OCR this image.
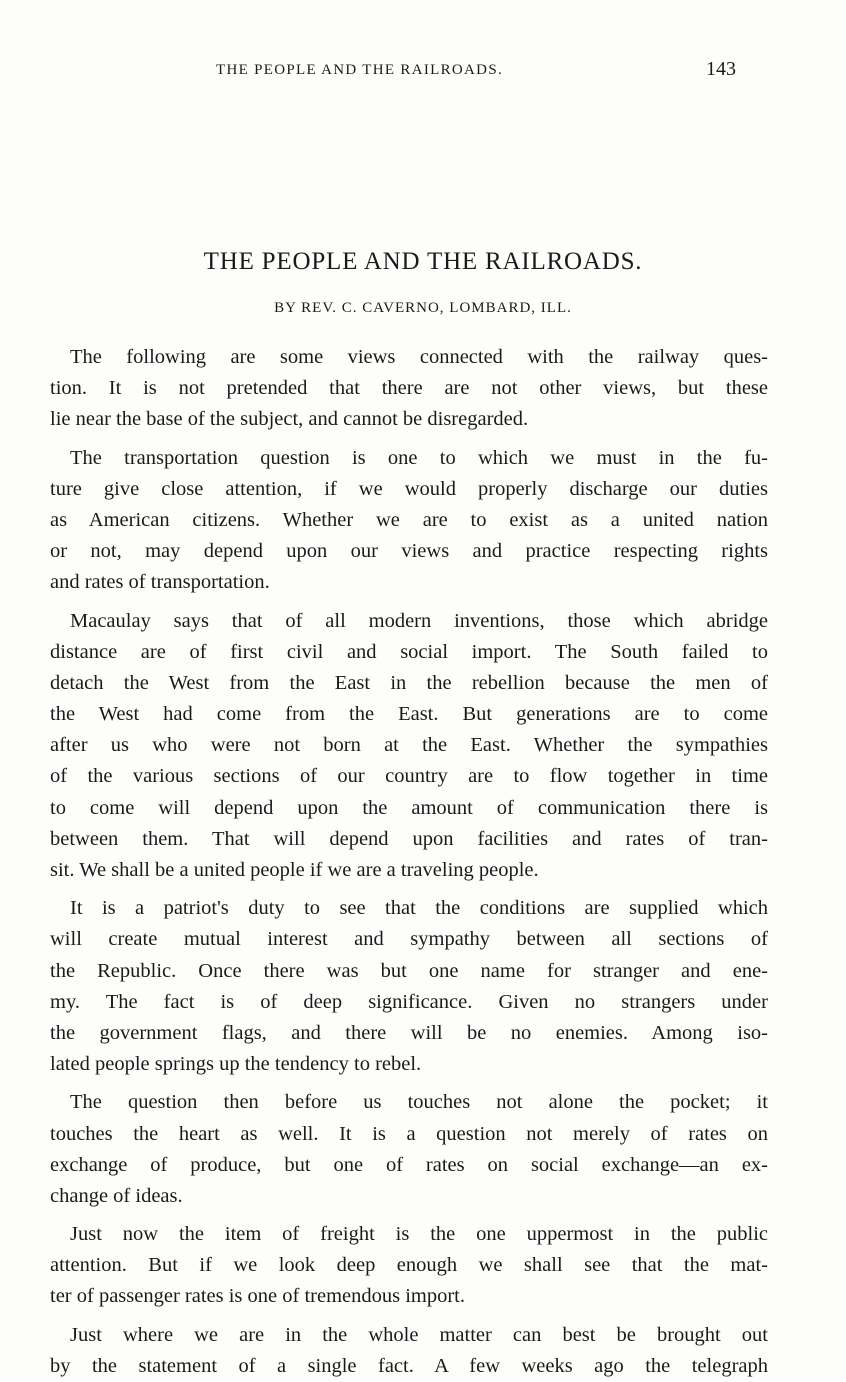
THE PEOPLE AND THE RAILROADS.	143
THE PEOPLE AND THE RAILROADS.
BY REV. C. CAVERNO, LOMBARD, ILL.
The following are some views connected with the railway ques-
tion. It is not pretended that there are not other views, but these
lie near the base of the subject, and cannot be disregarded.
The transportation question is one to which we must in the fu-
ture give close attention, if we would properly discharge our duties
as American citizens. Whether we are to exist as a united nation
or not, may depend upon our views and practice respecting rights
and rates of transportation.
Macaulay says that of all modern inventions, those which abridge
distance are of first civil and social import. The South failed to
detach the West from the East in the rebellion because the men of
the West had come from the East. But generations are to come
after us who were not born at the East. Whether the sympathies
of the various sections of our country are to flow together in time
to come will depend upon the amount of communication there is
between them. That will depend upon facilities and rates of tran-
sit. We shall be a united people if we are a traveling people.
It is a patriot's duty to see that the conditions are supplied which
will create mutual interest and sympathy between all sections of
the Republic. Once there was but one name for stranger and ene-
my. The fact is of deep significance. Given no strangers under
the government flags, and there will be no enemies. Among iso-
lated people springs up the tendency to rebel.
The question then before us touches not alone the pocket; it
touches the heart as well. It is a question not merely of rates on
exchange of produce, but one of rates on social exchange—an ex-
change of ideas.
Just now the item of freight is the one uppermost in the public
attention. But if we look deep enough we shall see that the mat-
ter of passenger rates is one of tremendous import.
Just where we are in the whole matter can best be brought out
by the statement of a single fact. A few weeks ago the telegraph
